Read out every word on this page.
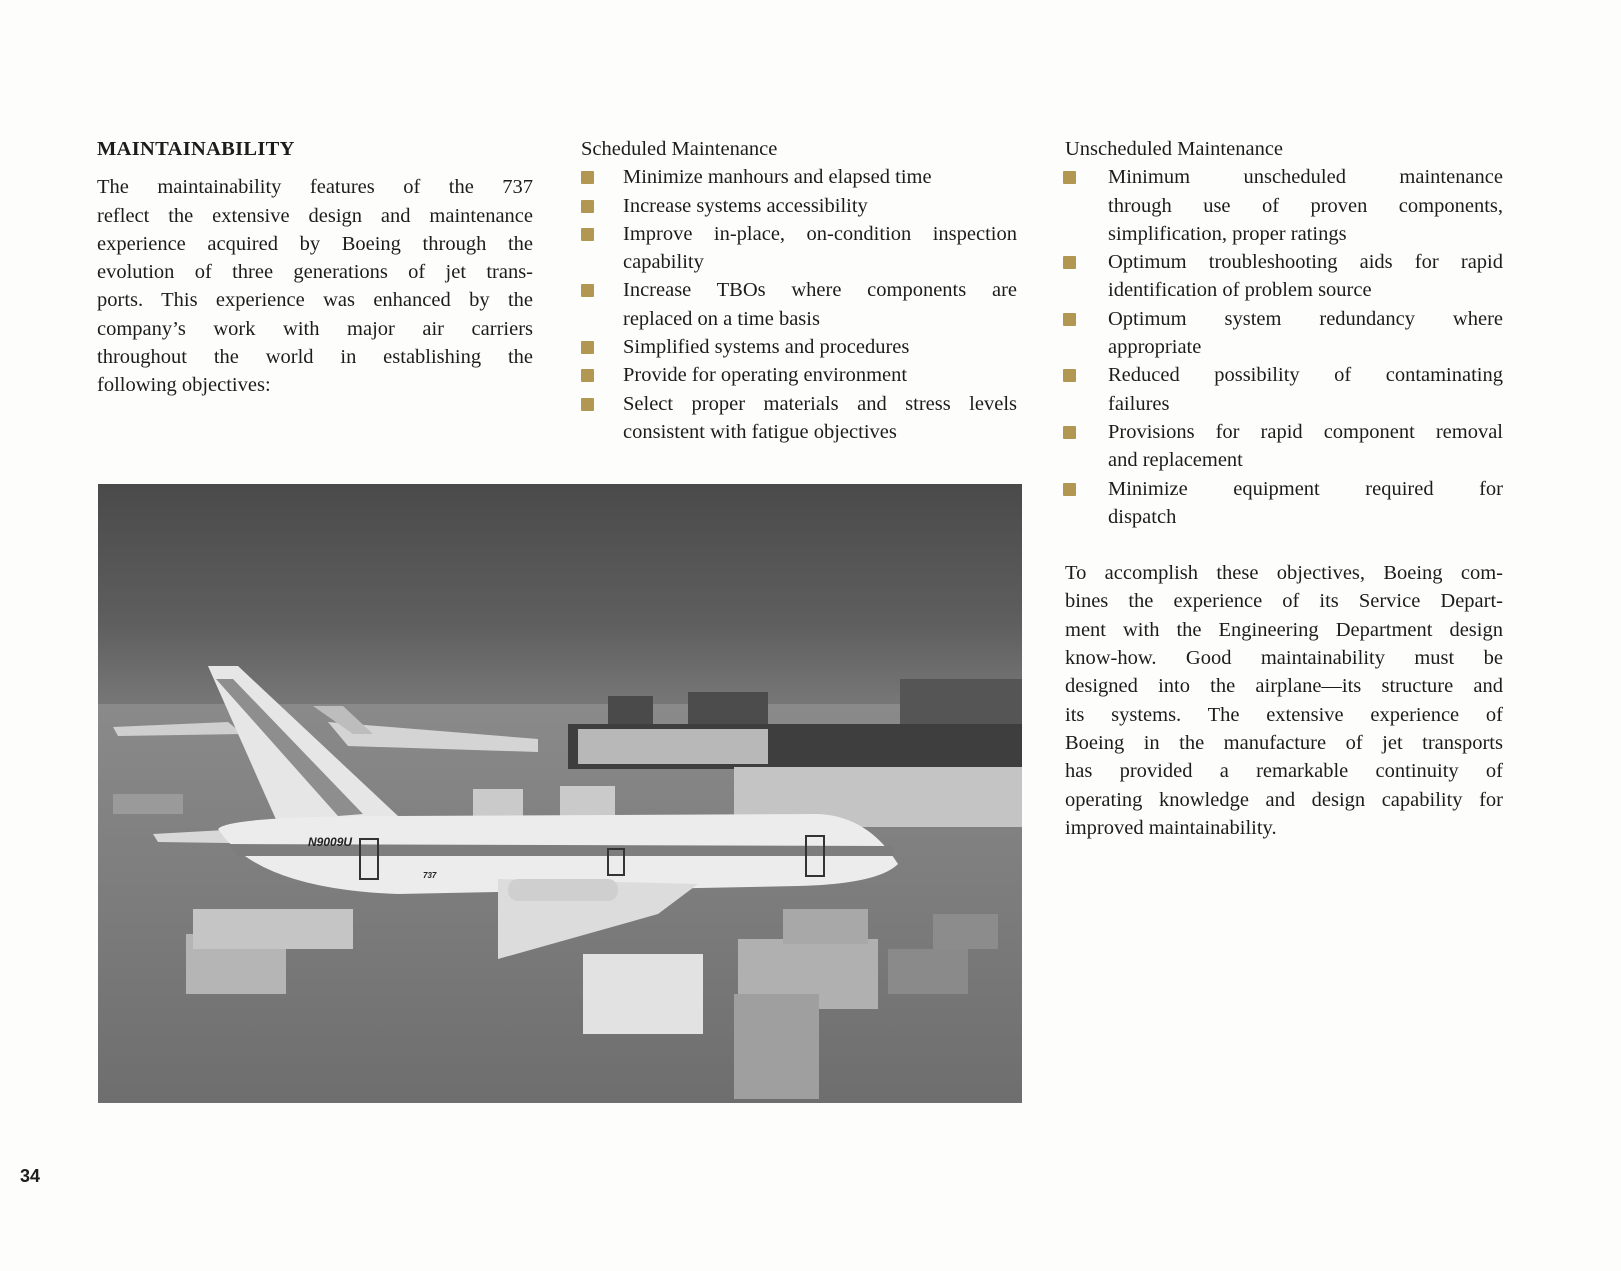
MAINTAINABILITY
The maintainability features of the 737
reflect the extensive design and maintenance
experience acquired by Boeing through the
evolution of three generations of jet trans-
ports. This experience was enhanced by the
company’s work with major air carriers
throughout the world in establishing the
following objectives:
Scheduled Maintenance
Minimize manhours and elapsed time
Increase systems accessibility
Improve in-place, on-condition inspection
capability
Increase TBOs where components are
replaced on a time basis
Simplified systems and procedures
Provide for operating environment
Select proper materials and stress levels
consistent with fatigue objectives
Unscheduled Maintenance
Minimum unscheduled maintenance
through use of proven components,
simplification, proper ratings
Optimum troubleshooting aids for rapid
identification of problem source
Optimum system redundancy where
appropriate
Reduced possibility of contaminating
failures
Provisions for rapid component removal
and replacement
Minimize equipment required for
dispatch
To accomplish these objectives, Boeing com-
bines the experience of its Service Depart-
ment with the Engineering Department design
know-how. Good maintainability must be
designed into the airplane—its structure and
its systems. The extensive experience of
Boeing in the manufacture of jet transports
has provided a remarkable continuity of
operating knowledge and design capability for
improved maintainability.
N9009U
737
34
